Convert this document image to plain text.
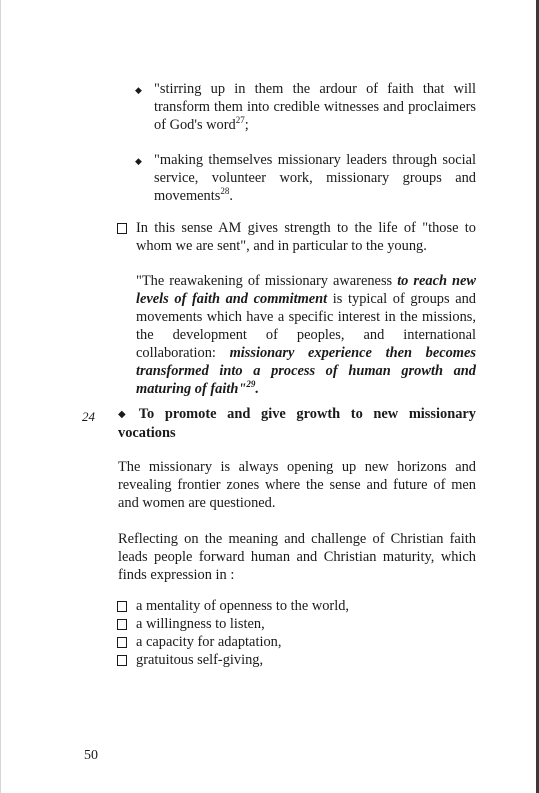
◆ "stirring up in them the ardour of faith that will transform them into credible witnesses and proclaimers of God's word$^{27}$;
◆ "making themselves missionary leaders through social service, volunteer work, missionary groups and movements$^{28}$.
In this sense AM gives strength to the life of "those to whom we are sent", and in particular to the young.
"The reawakening of missionary awareness to reach new levels of faith and commitment is typical of groups and movements which have a specific interest in the missions, the development of peoples, and international collaboration: missionary experience then becomes transformed into a process of human growth and maturing of faith"$^{29}$.
24 ◆ To promote and give growth to new missionary vocations
The missionary is always opening up new horizons and revealing frontier zones where the sense and future of men and women are questioned.
Reflecting on the meaning and challenge of Christian faith leads people forward human and Christian maturity, which finds expression in :
a mentality of openness to the world,
a willingness to listen,
a capacity for adaptation,
gratuitous self-giving,
50
